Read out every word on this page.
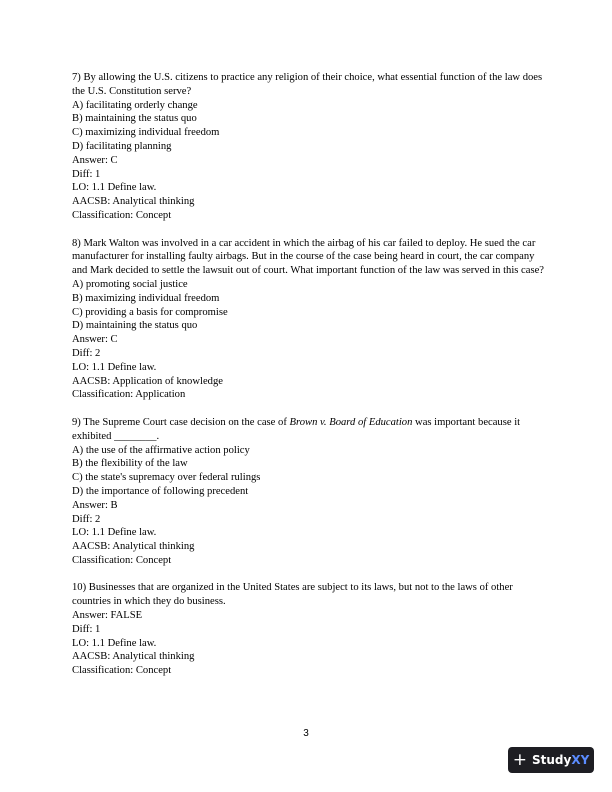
7) By allowing the U.S. citizens to practice any religion of their choice, what essential function of the law does the U.S. Constitution serve?
A) facilitating orderly change
B) maintaining the status quo
C) maximizing individual freedom
D) facilitating planning
Answer: C
Diff: 1
LO: 1.1 Define law.
AACSB: Analytical thinking
Classification: Concept
8) Mark Walton was involved in a car accident in which the airbag of his car failed to deploy. He sued the car manufacturer for installing faulty airbags. But in the course of the case being heard in court, the car company and Mark decided to settle the lawsuit out of court. What important function of the law was served in this case?
A) promoting social justice
B) maximizing individual freedom
C) providing a basis for compromise
D) maintaining the status quo
Answer: C
Diff: 2
LO: 1.1 Define law.
AACSB: Application of knowledge
Classification: Application
9) The Supreme Court case decision on the case of Brown v. Board of Education was important because it exhibited ________.
A) the use of the affirmative action policy
B) the flexibility of the law
C) the state's supremacy over federal rulings
D) the importance of following precedent
Answer: B
Diff: 2
LO: 1.1 Define law.
AACSB: Analytical thinking
Classification: Concept
10) Businesses that are organized in the United States are subject to its laws, but not to the laws of other countries in which they do business.
Answer: FALSE
Diff: 1
LO: 1.1 Define law.
AACSB: Analytical thinking
Classification: Concept
3
+ StudyXY
